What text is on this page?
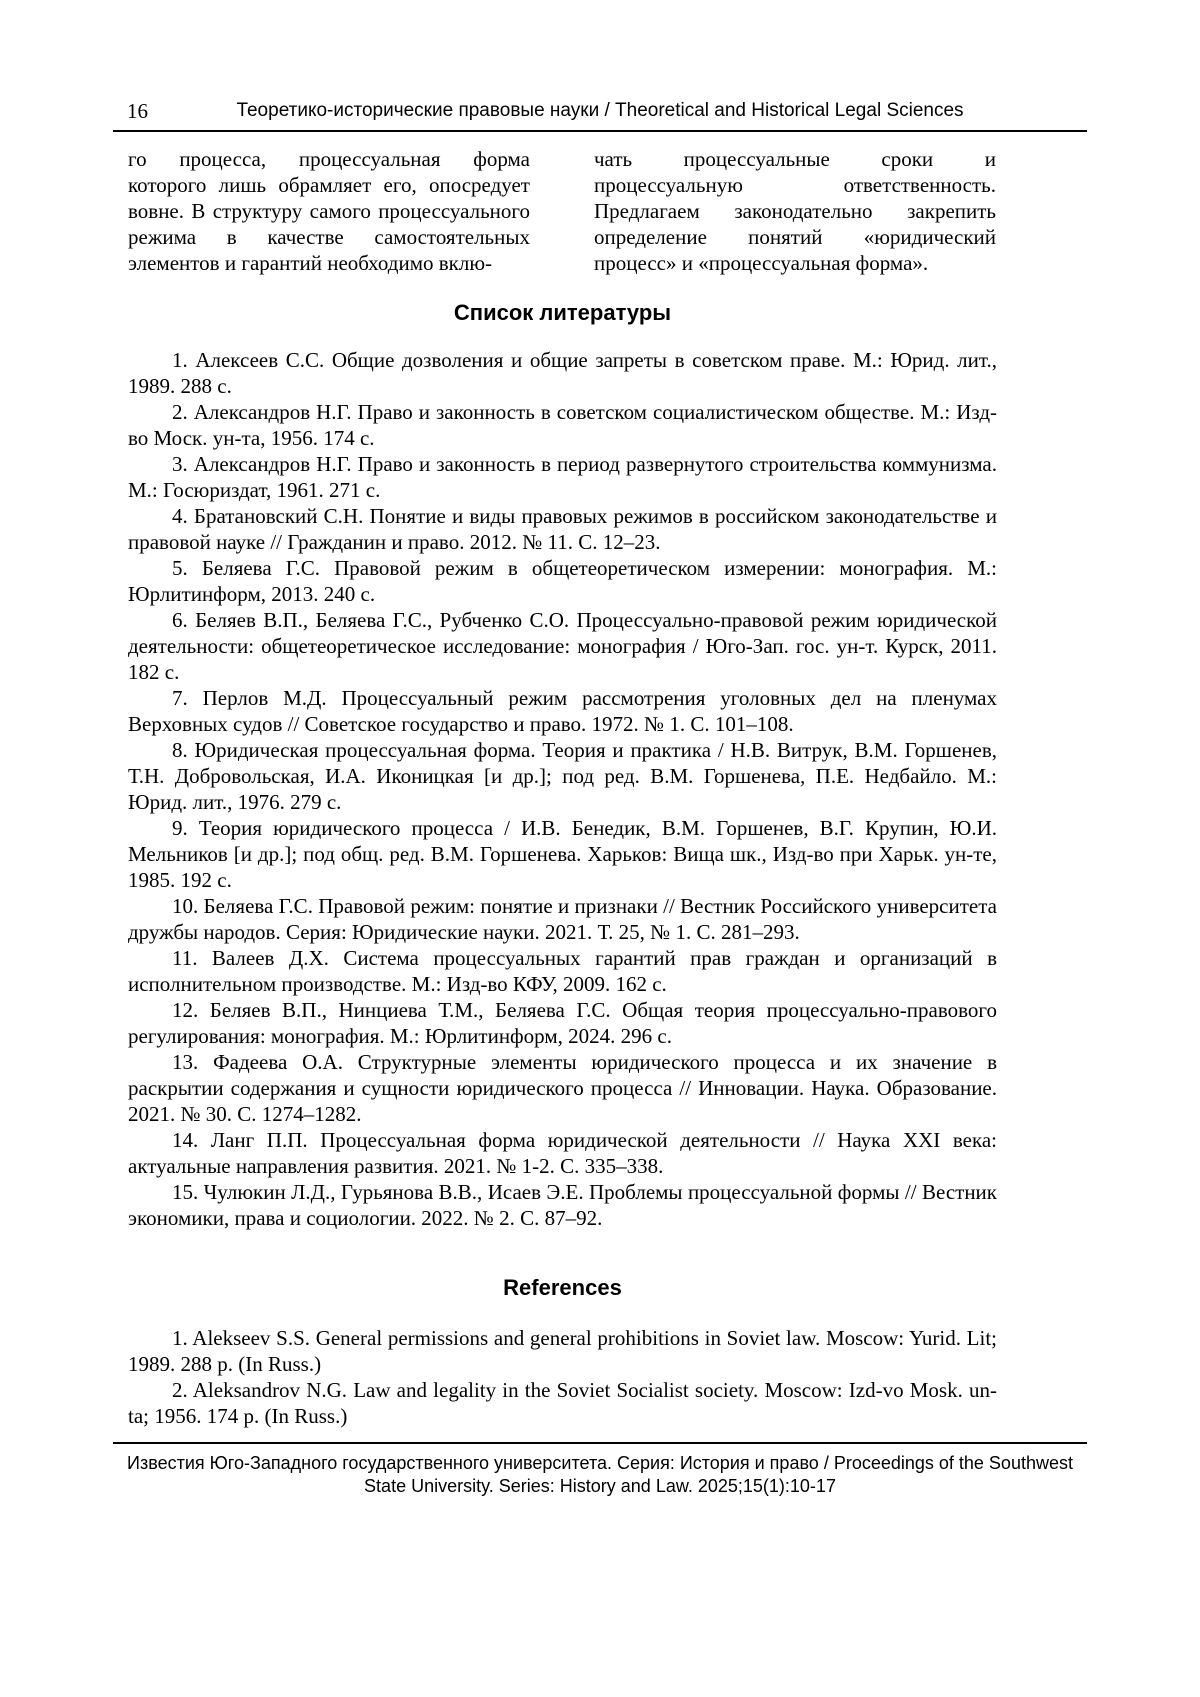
16	Теоретико-исторические правовые науки / Theoretical and Historical Legal Sciences

го процесса, процессуальная форма которого лишь обрамляет его, опосредует вовне. В структуру самого процессуального режима в качестве самостоятельных элементов и гарантий необходимо вклю-

чать процессуальные сроки и процессуальную ответственность. Предлагаем законодательно закрепить определение понятий «юридический процесс» и «процессуальная форма».

Список литературы

1. Алексеев С.С. Общие дозволения и общие запреты в советском праве. М.: Юрид. лит., 1989. 288 с.

2. Александров Н.Г. Право и законность в советском социалистическом обществе. М.: Изд-во Моск. ун-та, 1956. 174 с.

3. Александров Н.Г. Право и законность в период развернутого строительства коммунизма. М.: Госюриздат, 1961. 271 с.

4. Братановский С.Н. Понятие и виды правовых режимов в российском законодательстве и правовой науке // Гражданин и право. 2012. № 11. С. 12–23.

5. Беляева Г.С. Правовой режим в общетеоретическом измерении: монография. М.: Юрлитинформ, 2013. 240 с.

6. Беляев В.П., Беляева Г.С., Рубченко С.О. Процессуально-правовой режим юридической деятельности: общетеоретическое исследование: монография / Юго-Зап. гос. ун-т. Курск, 2011. 182 с.

7. Перлов М.Д. Процессуальный режим рассмотрения уголовных дел на пленумах Верховных судов // Советское государство и право. 1972. № 1. С. 101–108.

8. Юридическая процессуальная форма. Теория и практика / Н.В. Витрук, В.М. Горшенев, Т.Н. Добровольская, И.А. Иконицкая [и др.]; под ред. В.М. Горшенева, П.Е. Недбайло. М.: Юрид. лит., 1976. 279 с.

9. Теория юридического процесса / И.В. Бенедик, В.М. Горшенев, В.Г. Крупин, Ю.И. Мельников [и др.]; под общ. ред. В.М. Горшенева. Харьков: Вища шк., Изд-во при Харьк. ун-те, 1985. 192 с.

10. Беляева Г.С. Правовой режим: понятие и признаки // Вестник Российского университета дружбы народов. Серия: Юридические науки. 2021. Т. 25, № 1. С. 281–293.

11. Валеев Д.Х. Система процессуальных гарантий прав граждан и организаций в исполнительном производстве. М.: Изд-во КФУ, 2009. 162 с.

12. Беляев В.П., Нинциева Т.М., Беляева Г.С. Общая теория процессуально-правового регулирования: монография. М.: Юрлитинформ, 2024. 296 с.

13. Фадеева О.А. Структурные элементы юридического процесса и их значение в раскрытии содержания и сущности юридического процесса // Инновации. Наука. Образование. 2021. № 30. С. 1274–1282.

14. Ланг П.П. Процессуальная форма юридической деятельности // Наука XXI века: актуальные направления развития. 2021. № 1-2. С. 335–338.

15. Чулюкин Л.Д., Гурьянова В.В., Исаев Э.Е. Проблемы процессуальной формы // Вестник экономики, права и социологии. 2022. № 2. С. 87–92.

References

1. Alekseev S.S. General permissions and general prohibitions in Soviet law. Moscow: Yurid. Lit; 1989. 288 p. (In Russ.)

2. Aleksandrov N.G. Law and legality in the Soviet Socialist society. Moscow: Izd-vo Mosk. un-ta; 1956. 174 p. (In Russ.)

Известия Юго-Западного государственного университета. Серия: История и право / Proceedings of the Southwest
State University. Series: History and Law. 2025;15(1):10-17
